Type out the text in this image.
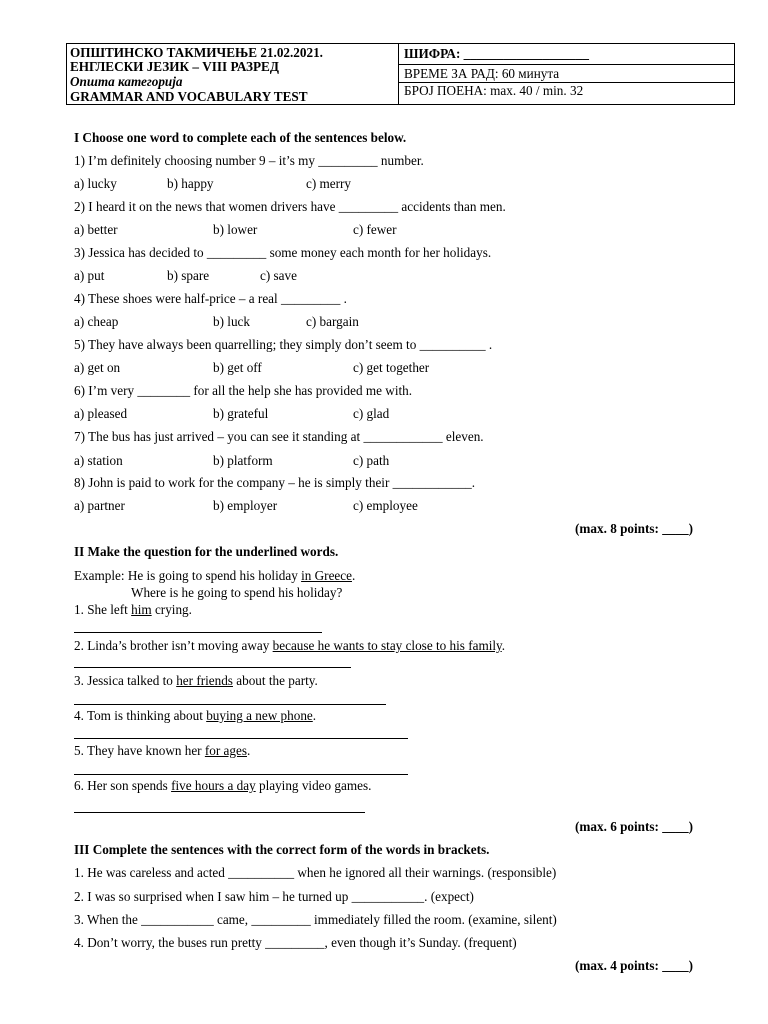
ОПШТИНСКО ТАКМИЧЕЊЕ 21.02.2021.
ЕНГЛЕСКИ ЈЕЗИК – VIII РАЗРЕД
Општа категорија
GRAMMAR AND VOCABULARY TEST
ШИФРА: ___________________
ВРЕМЕ ЗА РАД: 60 минута
БРОЈ ПОЕНА: max. 40 / min. 32
I Choose one word to complete each of the sentences below.
1) I’m definitely choosing number 9 – it’s my _________ number.
a) lucky	b) happy	c) merry
2) I heard it on the news that women drivers have _________ accidents than men.
a) better	b) lower	c) fewer
3) Jessica has decided to _________ some money each month for her holidays.
a) put	b) spare	c) save
4) These shoes were half-price – a real _________ .
a) cheap	b) luck	c) bargain
5) They have always been quarrelling; they simply don’t seem to __________ .
a) get on	b) get off	c) get together
6) I’m very ________ for all the help she has provided me with.
a) pleased	b) grateful	c) glad
7) The bus has just arrived – you can see it standing at ____________ eleven.
a) station	b) platform	c) path
8) John is paid to work for the company – he is simply their ____________.
a) partner	b) employer	c) employee
(max. 8 points: ____)
II Make the question for the underlined words.
Example: He is going to spend his holiday in Greece.
Where is he going to spend his holiday?
1. She left him crying.
2. Linda’s brother isn’t moving away because he wants to stay close to his family.
3. Jessica talked to her friends about the party.
4. Tom is thinking about buying a new phone.
5. They have known her for ages.
6. Her son spends five hours a day playing video games.
(max. 6 points: ____)
III Complete the sentences with the correct form of the words in brackets.
1. He was careless and acted __________ when he ignored all their warnings. (responsible)
2. I was so surprised when I saw him – he turned up ___________. (expect)
3. When the ___________ came, _________ immediately filled the room. (examine, silent)
4. Don’t worry, the buses run pretty _________, even though it’s Sunday. (frequent)
(max. 4 points: ____)
